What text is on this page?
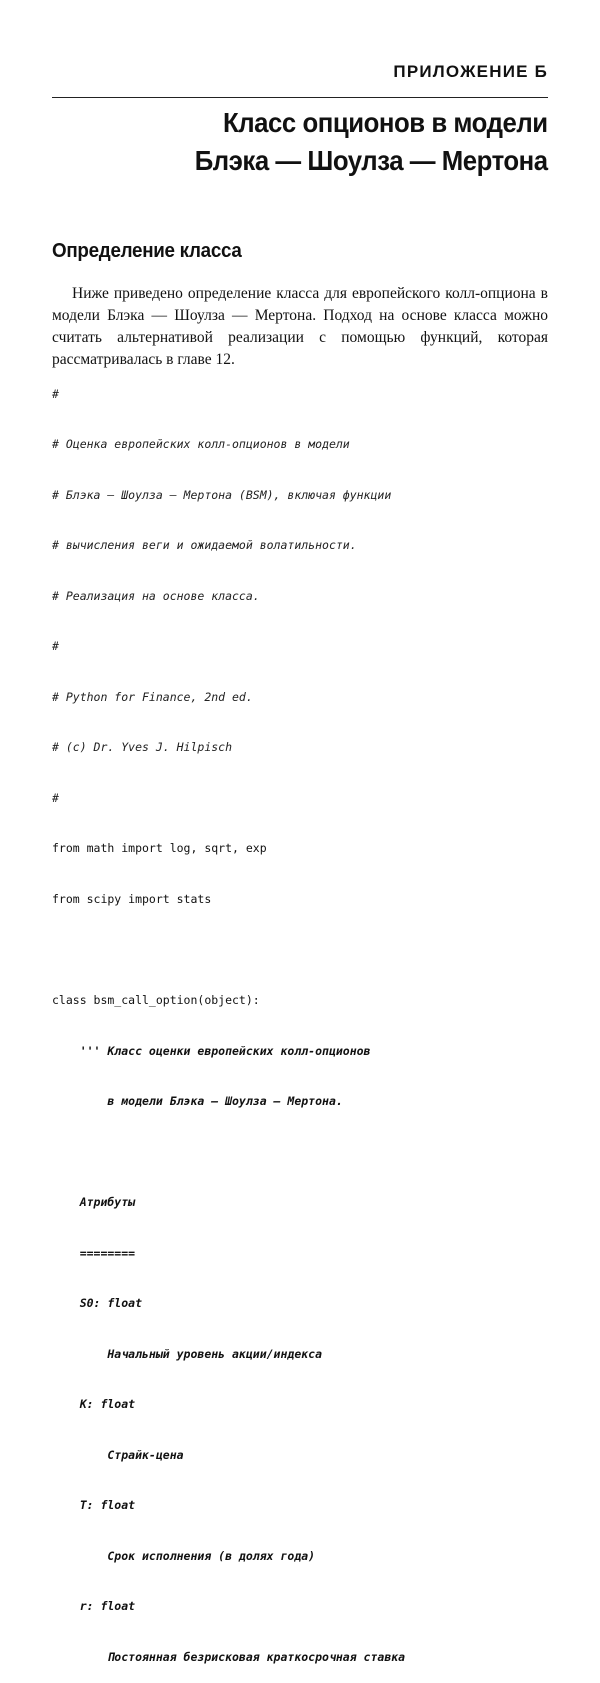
ПРИЛОЖЕНИЕ Б
Класс опционов в модели
Блэка — Шоулза — Мертона
Определение класса

Ниже приведено определение класса для европейского колл-опциона в модели Блэка — Шоулза — Мертона. Подход на основе класса можно считать альтернативой реализации с помощью функций, которая рассматривалась в главе 12.

#

# Оценка европейских колл-опционов в модели

# Блэка — Шоулза — Мертона (BSM), включая функции

# вычисления веги и ожидаемой волатильности.

# Реализация на основе класса.

#

# Python for Finance, 2nd ed.

# (c) Dr. Yves J. Hilpisch

#

from math import log, sqrt, exp

from scipy import stats

class bsm_call_option(object):

''' Класс оценки европейских колл-опционов

в модели Блэка — Шоулза — Мертона.

Атрибуты

========

S0: float

Начальный уровень акции/индекса

K: float

Страйк-цена

T: float

Срок исполнения (в долях года)

r: float

Постоянная безрисковая краткосрочная ставка
